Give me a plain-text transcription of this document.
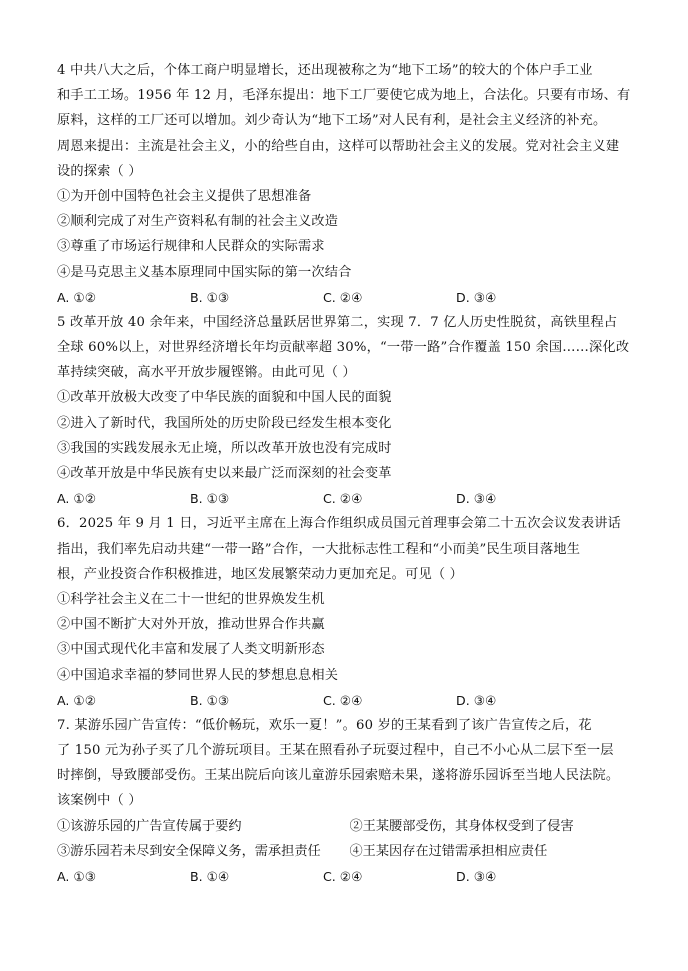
4 中共八大之后，个体工商户明显增长，还出现被称之为“地下工场”的较大的个体户手工业
和手工工场。1956 年 12 月，毛泽东提出：地下工厂要使它成为地上，合法化。只要有市场、有
原料，这样的工厂还可以增加。刘少奇认为“地下工场”对人民有利，是社会主义经济的补充。
周恩来提出：主流是社会主义，小的给些自由，这样可以帮助社会主义的发展。党对社会主义建
设的探索（ ）
①为开创中国特色社会主义提供了思想准备
②顺利完成了对生产资料私有制的社会主义改造
③尊重了市场运行规律和人民群众的实际需求
④是马克思主义基本原理同中国实际的第一次结合
A. ①②	B. ①③	C. ②④	D. ③④
5 改革开放 40 余年来，中国经济总量跃居世界第二，实现 7．7 亿人历史性脱贫，高铁里程占
全球 60%以上，对世界经济增长年均贡献率超 30%，“一带一路”合作覆盖 150 余国……深化改
革持续突破，高水平开放步履铿锵。由此可见（ ）
①改革开放极大改变了中华民族的面貌和中国人民的面貌
②进入了新时代，我国所处的历史阶段已经发生根本变化
③我国的实践发展永无止境，所以改革开放也没有完成时
④改革开放是中华民族有史以来最广泛而深刻的社会变革
A. ①②	B. ①③	C. ②④	D. ③④
6．2025 年 9 月 1 日，习近平主席在上海合作组织成员国元首理事会第二十五次会议发表讲话
指出，我们率先启动共建“一带一路”合作，一大批标志性工程和“小而美”民生项目落地生
根，产业投资合作积极推进，地区发展繁荣动力更加充足。可见（ ）
①科学社会主义在二十一世纪的世界焕发生机
②中国不断扩大对外开放，推动世界合作共赢
③中国式现代化丰富和发展了人类文明新形态
④中国追求幸福的梦同世界人民的梦想息息相关
A. ①②	B. ①③	C. ②④	D. ③④
7. 某游乐园广告宣传：“低价畅玩，欢乐一夏！”。60 岁的王某看到了该广告宣传之后，花
了 150 元为孙子买了几个游玩项目。王某在照看孙子玩耍过程中，自己不小心从二层下至一层
时摔倒，导致腰部受伤。王某出院后向该儿童游乐园索赔未果，遂将游乐园诉至当地人民法院。
该案例中（ ）
①该游乐园的广告宣传属于要约	②王某腰部受伤，其身体权受到了侵害
③游乐园若未尽到安全保障义务，需承担责任	④王某因存在过错需承担相应责任
A. ①③	B. ①④	C. ②④	D. ③④
